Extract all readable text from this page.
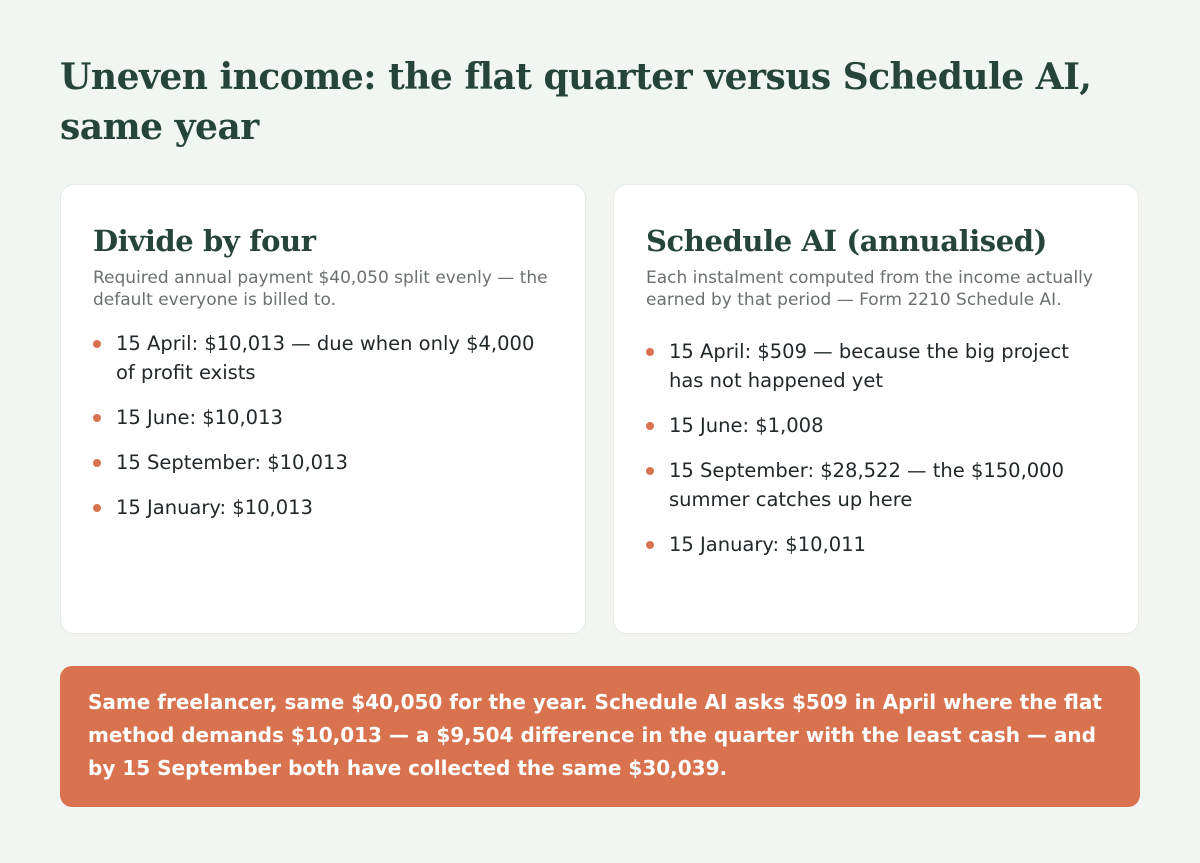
Uneven income: the flat quarter versus Schedule AI, same year
Divide by four

Required annual payment $40,050 split evenly — the default everyone is billed to.

15 April: $10,013 — due when only $4,000 of profit exists
15 June: $10,013
15 September: $10,013
15 January: $10,013
Schedule AI (annualised)

Each instalment computed from the income actually earned by that period — Form 2210 Schedule AI.

15 April: $509 — because the big project has not happened yet
15 June: $1,008
15 September: $28,522 — the $150,000 summer catches up here
15 January: $10,011

Same freelancer, same $40,050 for the year. Schedule AI asks $509 in April where the flat method demands $10,013 — a $9,504 difference in the quarter with the least cash — and by 15 September both have collected the same $30,039.
